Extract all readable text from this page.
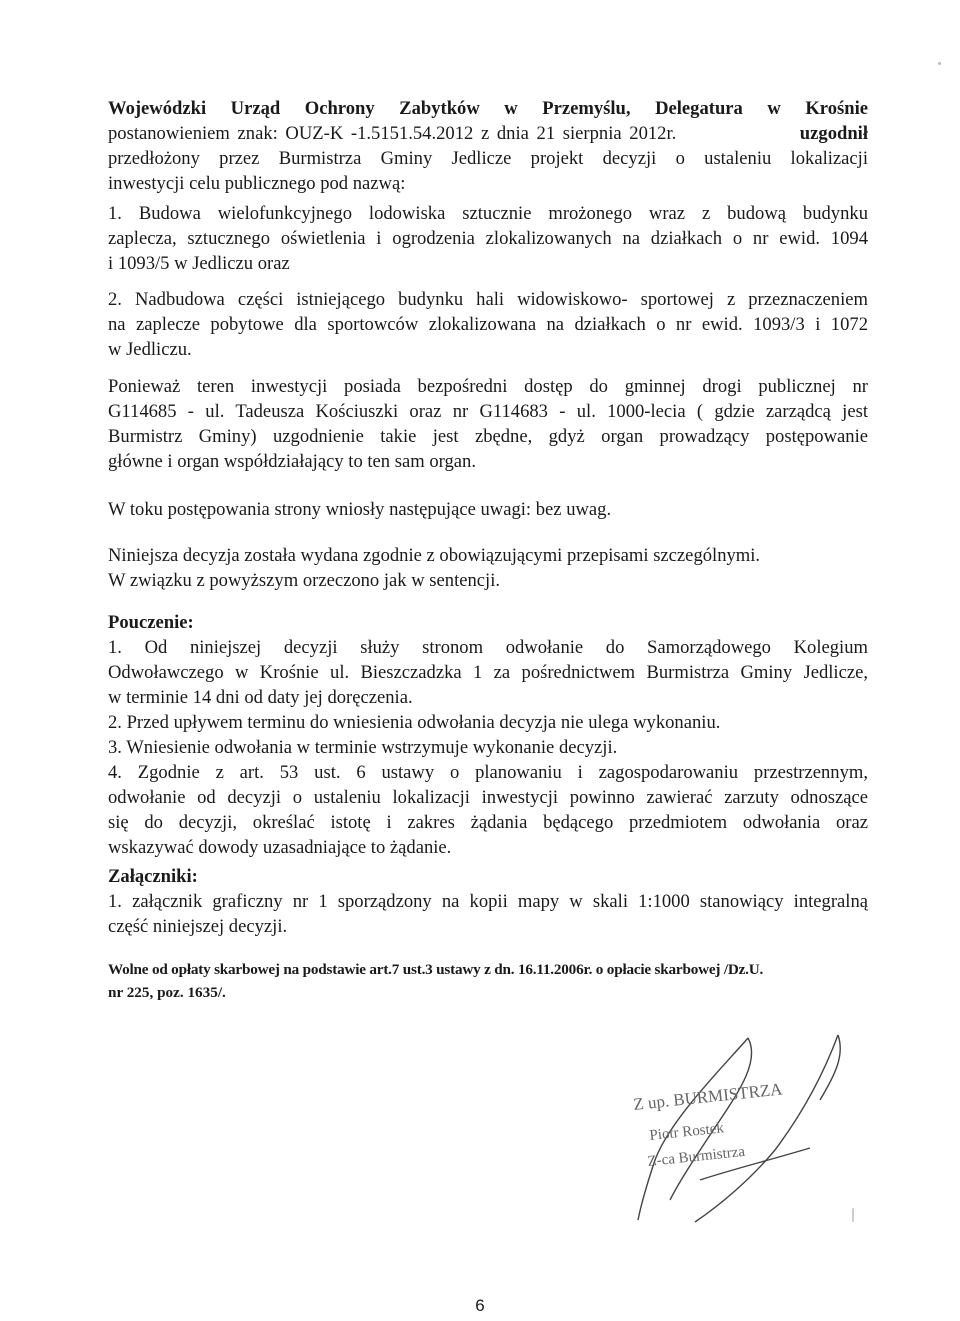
Wojewódzki Urząd Ochrony Zabytków w Przemyślu, Delegatura w Krośnie
postanowieniem znak: OUZ-K -1.5151.54.2012 z dnia 21 sierpnia 2012r.	uzgodnił
przedłożony przez Burmistrza Gminy Jedlicze projekt decyzji o ustaleniu lokalizacji
inwestycji celu publicznego pod nazwą:
1. Budowa wielofunkcyjnego lodowiska sztucznie mrożonego wraz z budową budynku
zaplecza, sztucznego oświetlenia i ogrodzenia zlokalizowanych na działkach o nr ewid. 1094
i 1093/5 w Jedliczu oraz
2. Nadbudowa części istniejącego budynku hali widowiskowo- sportowej z przeznaczeniem
na zaplecze pobytowe dla sportowców zlokalizowana na działkach o nr ewid. 1093/3 i 1072
w Jedliczu.
Ponieważ teren inwestycji posiada bezpośredni dostęp do gminnej drogi publicznej nr
G114685 - ul. Tadeusza Kościuszki oraz nr G114683 - ul. 1000-lecia ( gdzie zarządcą jest
Burmistrz Gminy) uzgodnienie takie jest zbędne, gdyż organ prowadzący postępowanie
główne i organ współdziałający to ten sam organ.
W toku postępowania strony wniosły następujące uwagi: bez uwag.
Niniejsza decyzja została wydana zgodnie z obowiązującymi przepisami szczególnymi.
W związku z powyższym orzeczono jak w sentencji.
Pouczenie:
1. Od niniejszej decyzji służy stronom odwołanie do Samorządowego Kolegium
Odwoławczego w Krośnie ul. Bieszczadzka 1 za pośrednictwem Burmistrza Gminy Jedlicze,
w terminie 14 dni od daty jej doręczenia.
2. Przed upływem terminu do wniesienia odwołania decyzja nie ulega wykonaniu.
3. Wniesienie odwołania w terminie wstrzymuje wykonanie decyzji.
4. Zgodnie z art. 53 ust. 6 ustawy o planowaniu i zagospodarowaniu przestrzennym,
odwołanie od decyzji o ustaleniu lokalizacji inwestycji powinno zawierać zarzuty odnoszące
się do decyzji, określać istotę i zakres żądania będącego przedmiotem odwołania oraz
wskazywać dowody uzasadniające to żądanie.
Załączniki:
1. załącznik graficzny nr 1 sporządzony na kopii mapy w skali 1:1000 stanowiący integralną
część niniejszej decyzji.
Wolne od opłaty skarbowej na podstawie art.7 ust.3 ustawy z dn. 16.11.2006r. o opłacie skarbowej /Dz.U.
nr 225, poz. 1635/.
Z up. BURMISTRZA
Piotr Rostek
Z-ca Burmistrza
6
